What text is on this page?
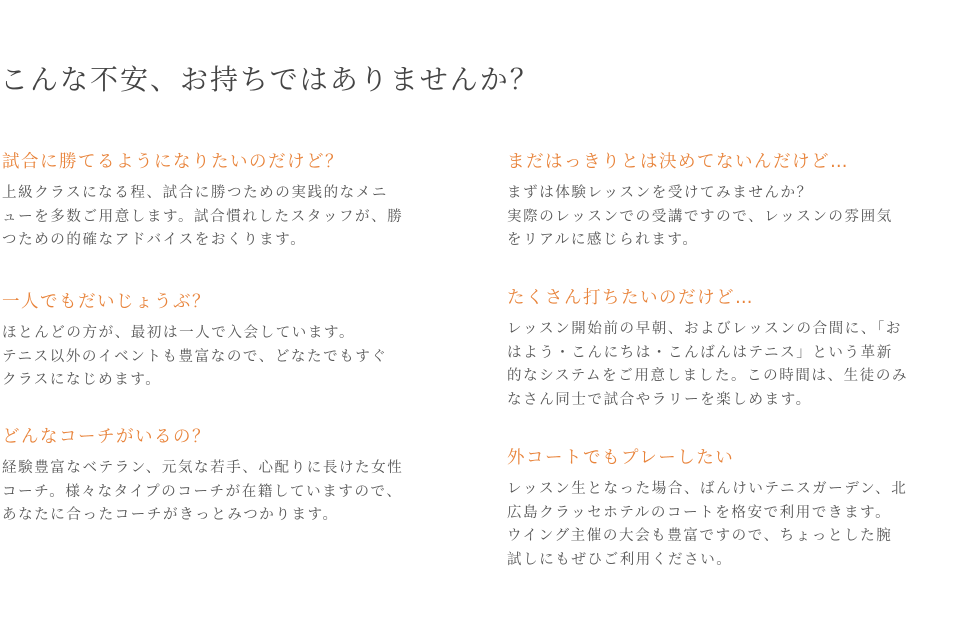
こんな不安、お持ちではありませんか？
試合に勝てるようになりたいのだけど？

上級クラスになる程、試合に勝つための実践的なメニ
ューを多数ご用意します。試合慣れしたスタッフが、勝
つための的確なアドバイスをおくります。

一人でもだいじょうぶ？

ほとんどの方が、最初は一人で入会しています。
テニス以外のイベントも豊富なので、どなたでもすぐ
クラスになじめます。

どんなコーチがいるの？

経験豊富なベテラン、元気な若手、心配りに長けた女性
コーチ。様々なタイプのコーチが在籍していますので、
あなたに合ったコーチがきっとみつかります。

まだはっきりとは決めてないんだけど…

まずは体験レッスンを受けてみませんか？
実際のレッスンでの受講ですので、レッスンの雰囲気
をリアルに感じられます。

たくさん打ちたいのだけど…

レッスン開始前の早朝、およびレッスンの合間に、「お
はよう・こんにちは・こんばんはテニス」という革新
的なシステムをご用意しました。この時間は、生徒のみ
なさん同士で試合やラリーを楽しめます。

外コートでもプレーしたい

レッスン生となった場合、ばんけいテニスガーデン、北
広島クラッセホテルのコートを格安で利用できます。
ウイング主催の大会も豊富ですので、ちょっとした腕
試しにもぜひご利用ください。
